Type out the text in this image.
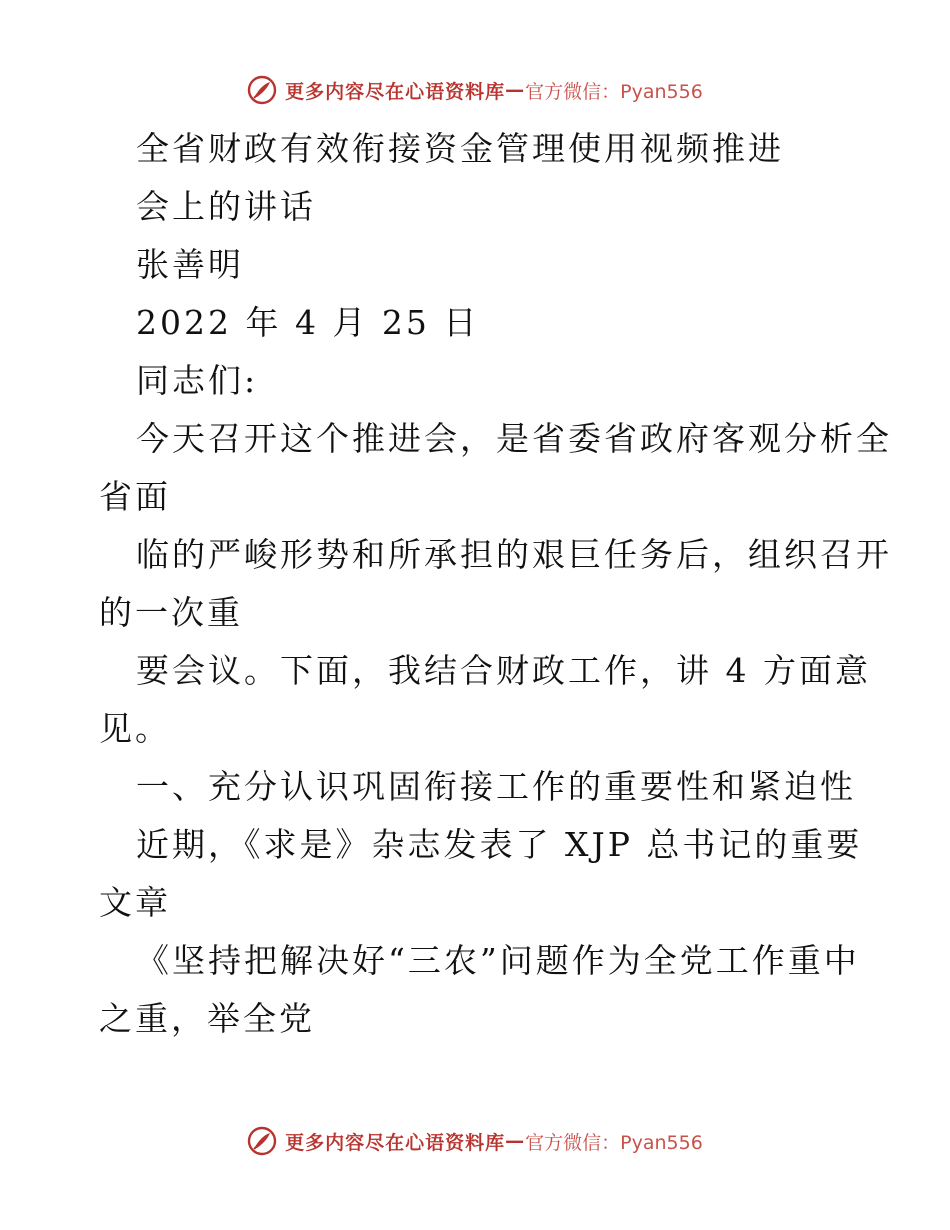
更多内容尽在心语资料库 — 官方微信：Pyan556
全省财政有效衔接资金管理使用视频推进
会上的讲话
张善明
2022 年 4 月 25 日
同志们:
今天召开这个推进会，是省委省政府客观分析全
省面
临的严峻形势和所承担的艰巨任务后，组织召开
的一次重
要会议。下面，我结合财政工作，讲 4 方面意
见。
一、充分认识巩固衔接工作的重要性和紧迫性
近期，《求是》杂志发表了 XJP 总书记的重要
文章
《坚持把解决好“三农”问题作为全党工作重中
之重，举全党
更多内容尽在心语资料库 — 官方微信：Pyan556
